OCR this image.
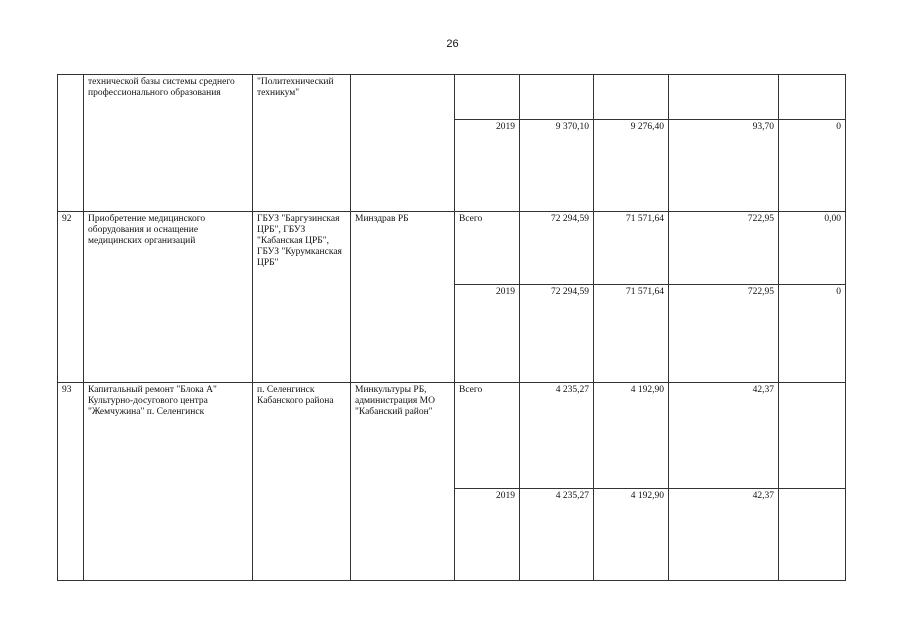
26
	технической базы системы среднего профессионального образования	"Политехнический техникум"						
				2019	9 370,10	9 276,40	93,70	0
92	Приобретение медицинского оборудования и оснащение медицинских организаций	ГБУЗ "Баргузинская ЦРБ", ГБУЗ "Кабанская ЦРБ", ГБУЗ "Курумканская ЦРБ"	Минздрав РБ	Всего	72 294,59	71 571,64	722,95	0,00
				2019	72 294,59	71 571,64	722,95	0
93	Капитальный ремонт "Блока А" Культурно-досугового центра "Жемчужина" п. Селенгинск	п. Селенгинск Кабанского района	Минкультуры РБ, администрация МО "Кабанский район"	Всего	4 235,27	4 192,90	42,37	
				2019	4 235,27	4 192,90	42,37	
